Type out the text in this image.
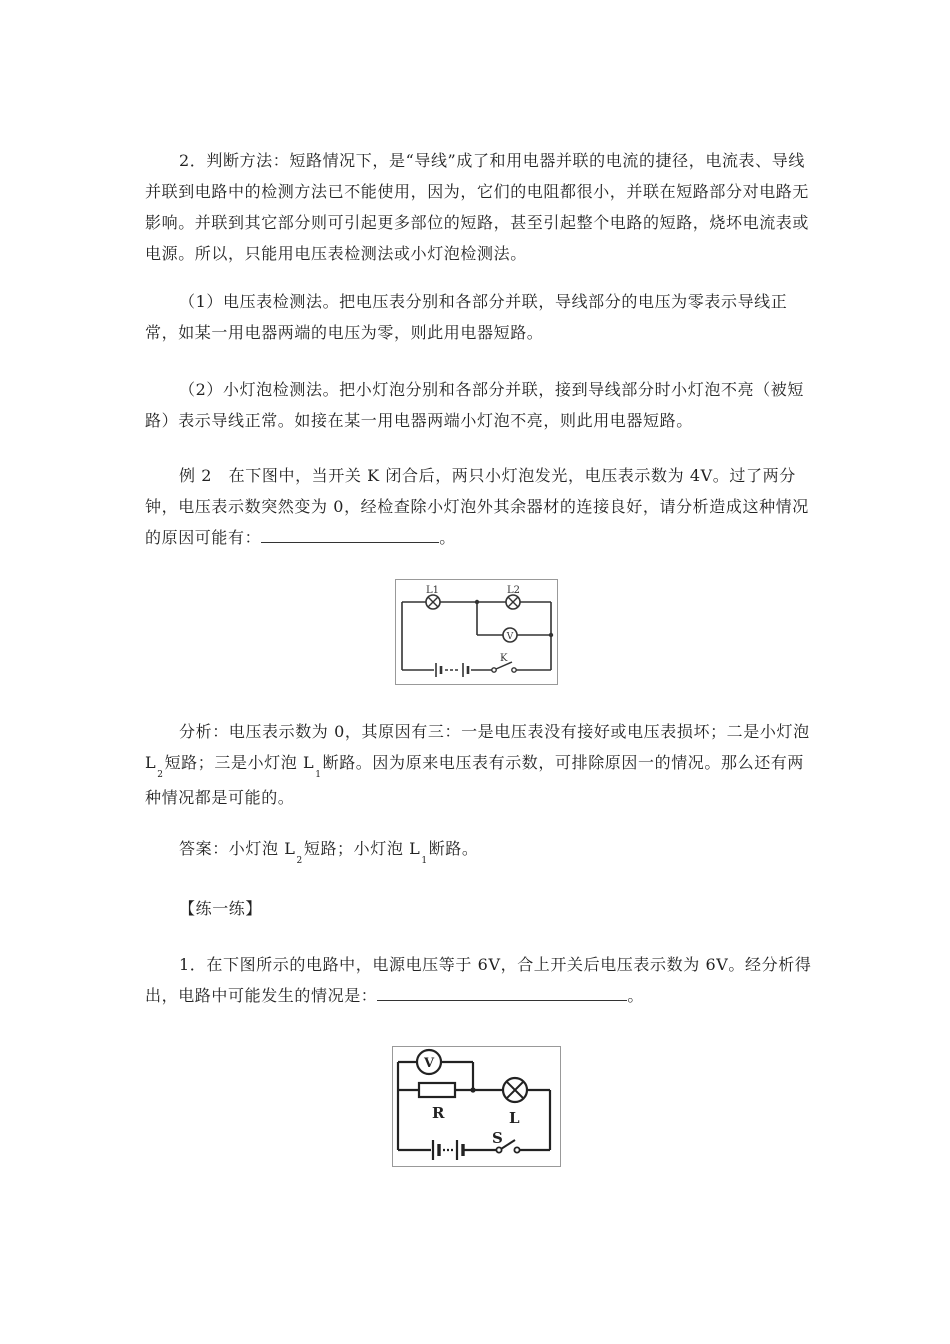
2．判断方法：短路情况下，是“导线”成了和用电器并联的电流的捷径，电流表、导线并联到电路中的检测方法已不能使用，因为，它们的电阻都很小，并联在短路部分对电路无影响。并联到其它部分则可引起更多部位的短路，甚至引起整个电路的短路，烧坏电流表或电源。所以，只能用电压表检测法或小灯泡检测法。

（1）电压表检测法。把电压表分别和各部分并联，导线部分的电压为零表示导线正常，如某一用电器两端的电压为零，则此用电器短路。

（2）小灯泡检测法。把小灯泡分别和各部分并联，接到导线部分时小灯泡不亮（被短路）表示导线正常。如接在某一用电器两端小灯泡不亮，则此用电器短路。

例 2　在下图中，当开关 K 闭合后，两只小灯泡发光，电压表示数为 4V。过了两分钟，电压表示数突然变为 0，经检查除小灯泡外其余器材的连接良好，请分析造成这种情况的原因可能有：	。

V
L1	L2
K

分析：电压表示数为 0，其原因有三：一是电压表没有接好或电压表损坏；二是小灯泡 $L_2$短路；三是小灯泡 $L_1$断路。因为原来电压表有示数，可排除原因一的情况。那么还有两种情况都是可能的。

答案：小灯泡 $L_2$短路；小灯泡 $L_1$断路。

【练一练】

1．在下图所示的电路中，电源电压等于 6V，合上开关后电压表示数为 6V。经分析得出，电路中可能发生的情况是：	。

V
R	L
S
